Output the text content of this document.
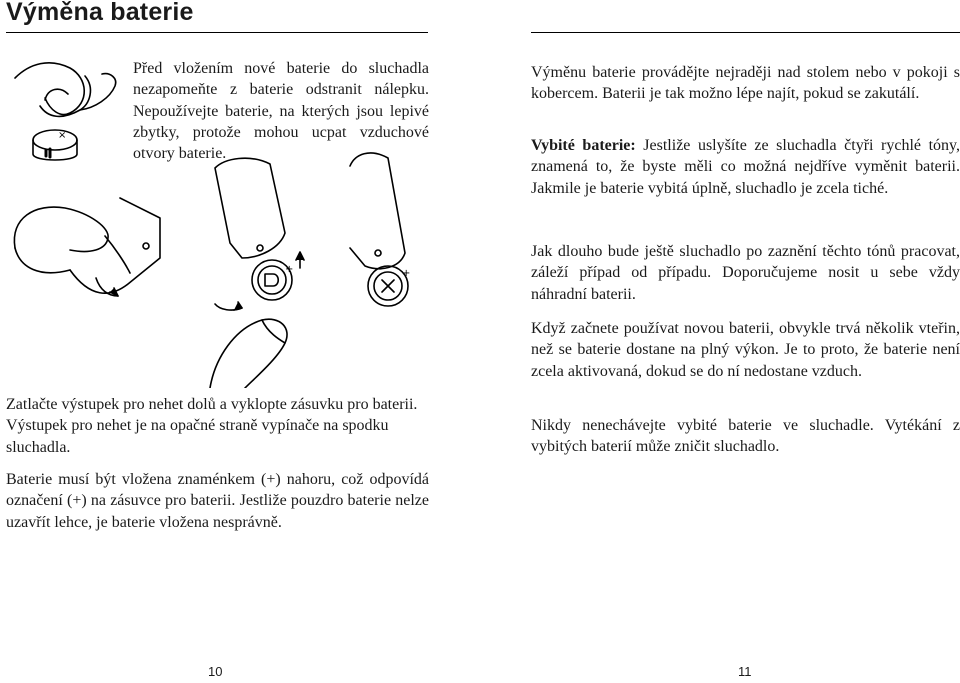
Výměna baterie
×
+	+

Před vložením nové baterie do sluchadla nezapomeňte z baterie odstranit nálepku. Nepoužívejte baterie, na kterých jsou lepivé zbytky, protože mohou ucpat vzduchové otvory baterie.

Zatlačte výstupek pro nehet dolů a vyklopte zásuvku pro baterii. Výstupek pro nehet je na opačné straně vypínače na spodku sluchadla.

Baterie musí být vložena znaménkem (+) nahoru, což odpovídá označení (+) na zásuvce pro baterii. Jestliže pouzdro baterie nelze uzavřít lehce, je baterie vložena nesprávně.

Výměnu baterie provádějte nejraději nad stolem nebo v pokoji s kobercem. Baterii je tak možno lépe najít, pokud se zakutálí.

Vybité baterie: Jestliže uslyšíte ze sluchadla čtyři rychlé tóny, znamená to, že byste měli co možná nejdříve vyměnit baterii. Jakmile je baterie vybitá úplně, sluchadlo je zcela tiché.

Jak dlouho bude ještě sluchadlo po zaznění těchto tónů pracovat, záleží případ od případu. Doporučujeme nosit u sebe vždy náhradní baterii.

Když začnete používat novou baterii, obvykle trvá několik vteřin, než se baterie dostane na plný výkon. Je to proto, že baterie není zcela aktivovaná, dokud se do ní nedostane vzduch.

Nikdy nenechávejte vybité baterie ve sluchadle. Vytékání z vybitých baterií může zničit sluchadlo.

10	11
